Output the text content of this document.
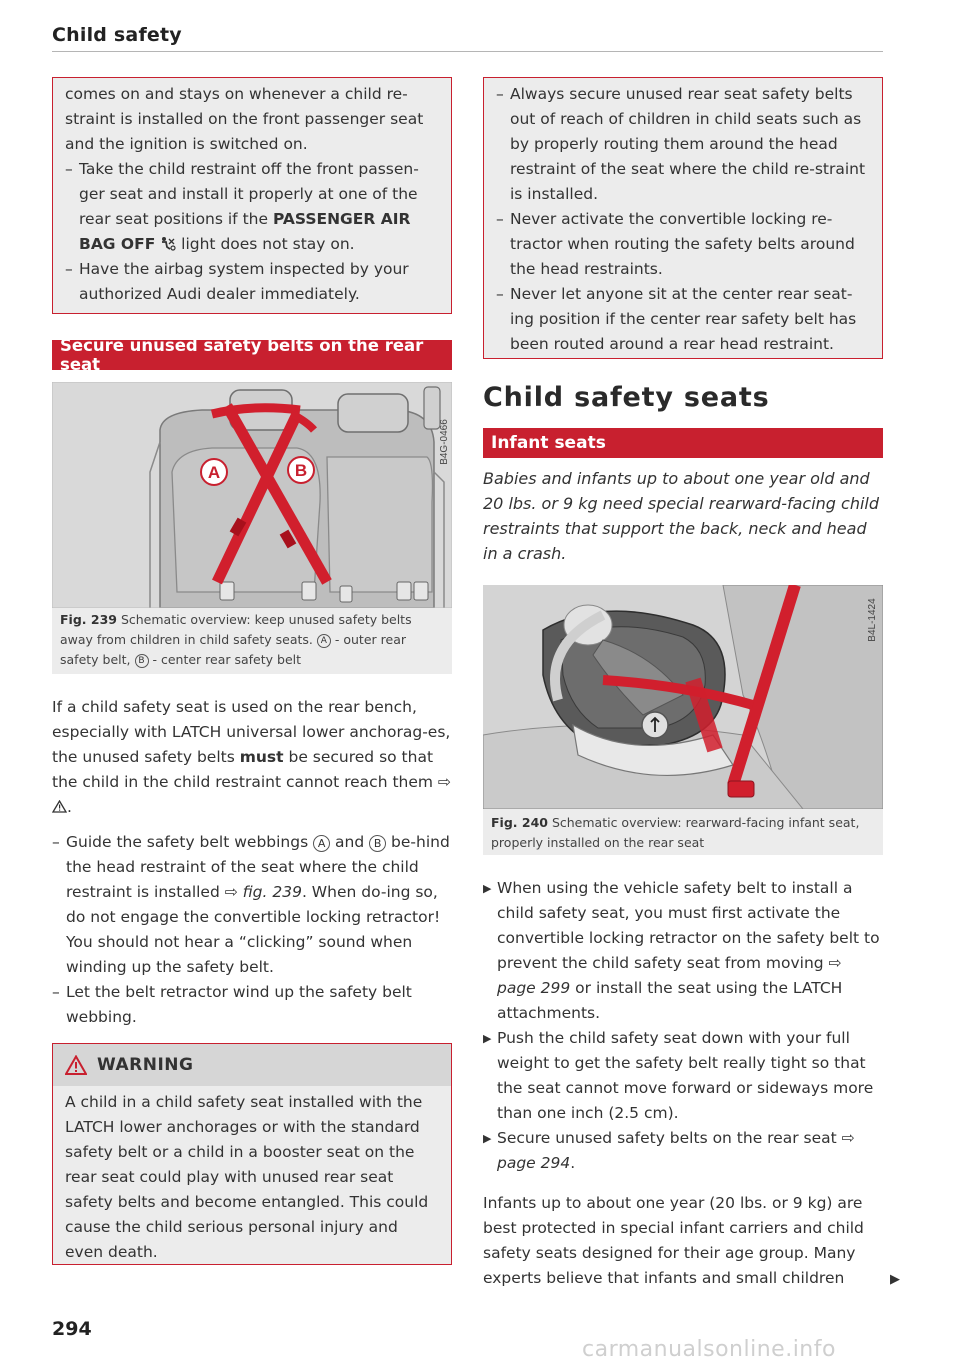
Child safety
comes on and stays on whenever a child re-straint is installed on the front passenger seat and the ignition is switched on.
– Take the child restraint off the front passen-ger seat and install it properly at one of the rear seat positions if the PASSENGER AIR BAG OFF  light does not stay on.
– Have the airbag system inspected by your authorized Audi dealer immediately.
Secure unused safety belts on the rear seat
A	B
B4G-0466
Fig. 239 Schematic overview: keep unused safety belts away from children in child safety seats. A - outer rear safety belt, B - center rear safety belt
If a child safety seat is used on the rear bench, especially with LATCH universal lower anchorag-es, the unused safety belts must be secured so that the child in the child restraint cannot reach them ⇨ .
– Guide the safety belt webbings A and B be-hind the head restraint of the seat where the child restraint is installed ⇨ fig. 239. When do-ing so, do not engage the convertible locking retractor! You should not hear a “clicking” sound when winding up the safety belt.
– Let the belt retractor wind up the safety belt webbing.
WARNING
A child in a child safety seat installed with the LATCH lower anchorages or with the standard safety belt or a child in a booster seat on the rear seat could play with unused rear seat safety belts and become entangled. This could cause the child serious personal injury and even death.
294
– Always secure unused rear seat safety belts out of reach of children in child seats such as by properly routing them around the head restraint of the seat where the child re-straint is installed.
– Never activate the convertible locking re-tractor when routing the safety belts around the head restraints.
– Never let anyone sit at the center rear seat-ing position if the center rear safety belt has been routed around a rear head restraint.
Child safety seats
Infant seats
Babies and infants up to about one year old and 20 lbs. or 9 kg need special rearward-facing child restraints that support the back, neck and head in a crash.
B4L-1424
Fig. 240 Schematic overview: rearward-facing infant seat, properly installed on the rear seat
▶ When using the vehicle safety belt to install a child safety seat, you must first activate the convertible locking retractor on the safety belt to prevent the child safety seat from moving ⇨ page 299 or install the seat using the LATCH attachments.
▶ Push the child safety seat down with your full weight to get the safety belt really tight so that the seat cannot move forward or sideways more than one inch (2.5 cm).
▶ Secure unused safety belts on the rear seat ⇨ page 294.
Infants up to about one year (20 lbs. or 9 kg) are best protected in special infant carriers and child safety seats designed for their age group. Many experts believe that infants and small children	▶
carmanualsonline.info
